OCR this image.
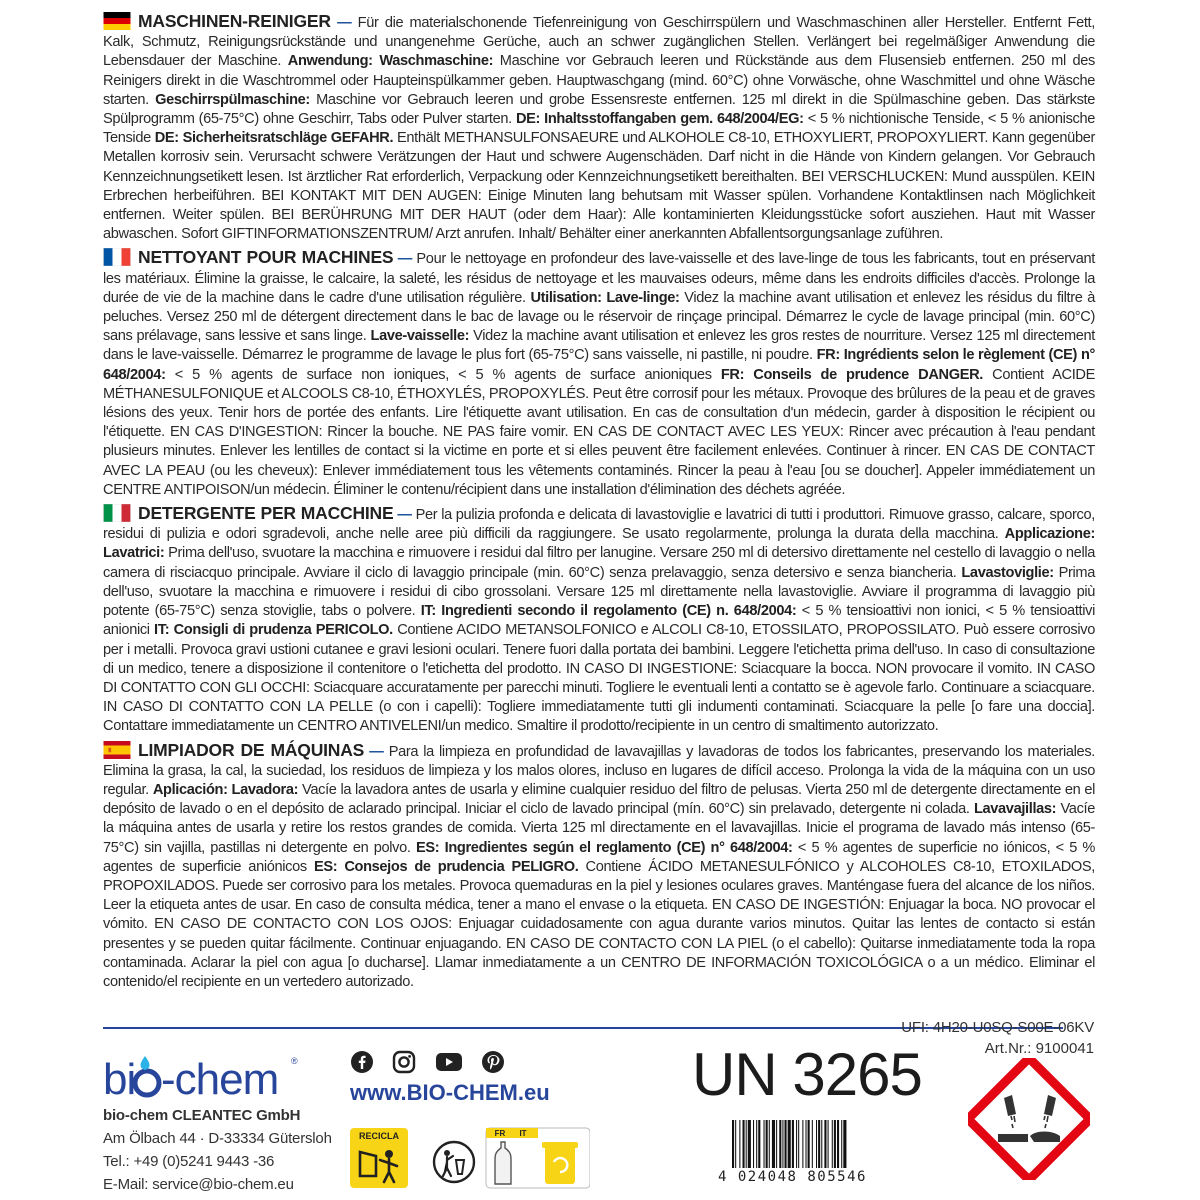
MASCHINEN-REINIGER — Für die materialschonende Tiefenreinigung von Geschirrspülern und Waschmaschinen aller Hersteller. Entfernt Fett, Kalk, Schmutz, Reinigungsrückstände und unangenehme Gerüche, auch an schwer zugänglichen Stellen. Verlängert bei regelmäßiger Anwendung die Lebensdauer der Maschine. Anwendung: Waschmaschine: Maschine vor Gebrauch leeren und Rückstände aus dem Flusensieb entfernen. 250 ml des Reinigers direkt in die Waschtrommel oder Haupteinspülkammer geben. Hauptwaschgang (mind. 60°C) ohne Vorwäsche, ohne Waschmittel und ohne Wäsche starten. Geschirrspülmaschine: Maschine vor Gebrauch leeren und grobe Essensreste entfernen. 125 ml direkt in die Spülmaschine geben. Das stärkste Spülprogramm (65-75°C) ohne Geschirr, Tabs oder Pulver starten. DE: Inhaltsstoffangaben gem. 648/2004/EG: < 5 % nichtionische Tenside, < 5 % anionische Tenside DE: Sicherheitsratschläge GEFAHR. Enthält METHANSULFONSAEURE und ALKOHOLE C8-10, ETHOXYLIERT, PROPOXYLIERT. Kann gegenüber Metallen korrosiv sein. Verursacht schwere Verätzungen der Haut und schwere Augenschäden. Darf nicht in die Hände von Kindern gelangen. Vor Gebrauch Kennzeichnungsetikett lesen. Ist ärztlicher Rat erforderlich, Verpackung oder Kennzeichnungsetikett bereithalten. BEI VERSCHLUCKEN: Mund ausspülen. KEIN Erbrechen herbeiführen. BEI KONTAKT MIT DEN AUGEN: Einige Minuten lang behutsam mit Wasser spülen. Vorhandene Kontaktlinsen nach Möglichkeit entfernen. Weiter spülen. BEI BERÜHRUNG MIT DER HAUT (oder dem Haar): Alle kontaminierten Kleidungsstücke sofort ausziehen. Haut mit Wasser abwaschen. Sofort GIFTINFORMATIONSZENTRUM/ Arzt anrufen. Inhalt/ Behälter einer anerkannten Abfallentsorgungsanlage zuführen.

NETTOYANT POUR MACHINES — Pour le nettoyage en profondeur des lave-vaisselle et des lave-linge de tous les fabricants, tout en préservant les matériaux. Élimine la graisse, le calcaire, la saleté, les résidus de nettoyage et les mauvaises odeurs, même dans les endroits difficiles d'accès. Prolonge la durée de vie de la machine dans le cadre d'une utilisation régulière. Utilisation: Lave-linge: Videz la machine avant utilisation et enlevez les résidus du filtre à peluches. Versez 250 ml de détergent directement dans le bac de lavage ou le réservoir de rinçage principal. Démarrez le cycle de lavage principal (min. 60°C) sans prélavage, sans lessive et sans linge. Lave-vaisselle: Videz la machine avant utilisation et enlevez les gros restes de nourriture. Versez 125 ml directement dans le lave-vaisselle. Démarrez le programme de lavage le plus fort (65-75°C) sans vaisselle, ni pastille, ni poudre. FR: Ingrédients selon le règlement (CE) n° 648/2004: < 5 % agents de surface non ioniques, < 5 % agents de surface anioniques FR: Conseils de prudence DANGER. Contient ACIDE MÉTHANESULFONIQUE et ALCOOLS C8-10, ÉTHOXYLÉS, PROPOXYLÉS. Peut être corrosif pour les métaux. Provoque des brûlures de la peau et de graves lésions des yeux. Tenir hors de portée des enfants. Lire l'étiquette avant utilisation. En cas de consultation d'un médecin, garder à disposition le récipient ou l'étiquette. EN CAS D'INGESTION: Rincer la bouche. NE PAS faire vomir. EN CAS DE CONTACT AVEC LES YEUX: Rincer avec précaution à l'eau pendant plusieurs minutes. Enlever les lentilles de contact si la victime en porte et si elles peuvent être facilement enlevées. Continuer à rincer. EN CAS DE CONTACT AVEC LA PEAU (ou les cheveux): Enlever immédiatement tous les vêtements contaminés. Rincer la peau à l'eau [ou se doucher]. Appeler immédiatement un CENTRE ANTIPOISON/un médecin. Éliminer le contenu/récipient dans une installation d'élimination des déchets agréée.

DETERGENTE PER MACCHINE — Per la pulizia profonda e delicata di lavastoviglie e lavatrici di tutti i produttori. Rimuove grasso, calcare, sporco, residui di pulizia e odori sgradevoli, anche nelle aree più difficili da raggiungere. Se usato regolarmente, prolunga la durata della macchina. Applicazione: Lavatrici: Prima dell'uso, svuotare la macchina e rimuovere i residui dal filtro per lanugine. Versare 250 ml di detersivo direttamente nel cestello di lavaggio o nella camera di risciacquo principale. Avviare il ciclo di lavaggio principale (min. 60°C) senza prelavaggio, senza detersivo e senza biancheria. Lavastoviglie: Prima dell'uso, svuotare la macchina e rimuovere i residui di cibo grossolani. Versare 125 ml direttamente nella lavastoviglie. Avviare il programma di lavaggio più potente (65-75°C) senza stoviglie, tabs o polvere. IT: Ingredienti secondo il regolamento (CE) n. 648/2004: < 5 % tensioattivi non ionici, < 5 % tensioattivi anionici IT: Consigli di prudenza PERICOLO. Contiene ACIDO METANSOLFONICO e ALCOLI C8-10, ETOSSILATO, PROPOSSILATO. Può essere corrosivo per i metalli. Provoca gravi ustioni cutanee e gravi lesioni oculari. Tenere fuori dalla portata dei bambini. Leggere l'etichetta prima dell'uso. In caso di consultazione di un medico, tenere a disposizione il contenitore o l'etichetta del prodotto. IN CASO DI INGESTIONE: Sciacquare la bocca. NON provocare il vomito. IN CASO DI CONTATTO CON GLI OCCHI: Sciacquare accuratamente per parecchi minuti. Togliere le eventuali lenti a contatto se è agevole farlo. Continuare a sciacquare. IN CASO DI CONTATTO CON LA PELLE (o con i capelli): Togliere immediatamente tutti gli indumenti contaminati. Sciacquare la pelle [o fare una doccia]. Contattare immediatamente un CENTRO ANTIVELENI/un medico. Smaltire il prodotto/recipiente in un centro di smaltimento autorizzato.

LIMPIADOR DE MÁQUINAS — Para la limpieza en profundidad de lavavajillas y lavadoras de todos los fabricantes, preservando los materiales. Elimina la grasa, la cal, la suciedad, los residuos de limpieza y los malos olores, incluso en lugares de difícil acceso. Prolonga la vida de la máquina con un uso regular. Aplicación: Lavadora: Vacíe la lavadora antes de usarla y elimine cualquier residuo del filtro de pelusas. Vierta 250 ml de detergente directamente en el depósito de lavado o en el depósito de aclarado principal. Iniciar el ciclo de lavado principal (mín. 60°C) sin prelavado, detergente ni colada. Lavavajillas: Vacíe la máquina antes de usarla y retire los restos grandes de comida. Vierta 125 ml directamente en el lavavajillas. Inicie el programa de lavado más intenso (65-75°C) sin vajilla, pastillas ni detergente en polvo. ES: Ingredientes según el reglamento (CE) n° 648/2004: < 5 % agentes de superficie no iónicos, < 5 % agentes de superficie aniónicos ES: Consejos de prudencia PELIGRO. Contiene ÁCIDO METANESULFÓNICO y ALCOHOLES C8-10, ETOXILADOS, PROPOXILADOS. Puede ser corrosivo para los metales. Provoca quemaduras en la piel y lesiones oculares graves. Manténgase fuera del alcance de los niños. Leer la etiqueta antes de usar. En caso de consulta médica, tener a mano el envase o la etiqueta. EN CASO DE INGESTIÓN: Enjuagar la boca. NO provocar el vómito. EN CASO DE CONTACTO CON LOS OJOS: Enjuagar cuidadosamente con agua durante varios minutos. Quitar las lentes de contacto si están presentes y se pueden quitar fácilmente. Continuar enjuagando. EN CASO DE CONTACTO CON LA PIEL (o el cabello): Quitarse inmediatamente toda la ropa contaminada. Aclarar la piel con agua [o ducharse]. Llamar inmediatamente a un CENTRO DE INFORMACIÓN TOXICOLÓGICA o a un médico. Eliminar el contenido/el recipiente en un vertedero autorizado.

UFI: 4H20-U0SQ-S00E-06KV
Art.Nr.: 9100041
bi -chem ®
bio-chem CLEANTEC GmbH
Am Ölbach 44 · D-33334 Gütersloh
Tel.: +49 (0)5241 9443 -36
E-Mail: service@bio-chem.eu

www.BIO-CHEM.eu
RECICLA	FR IT
UN 3265
4 024048 805546
